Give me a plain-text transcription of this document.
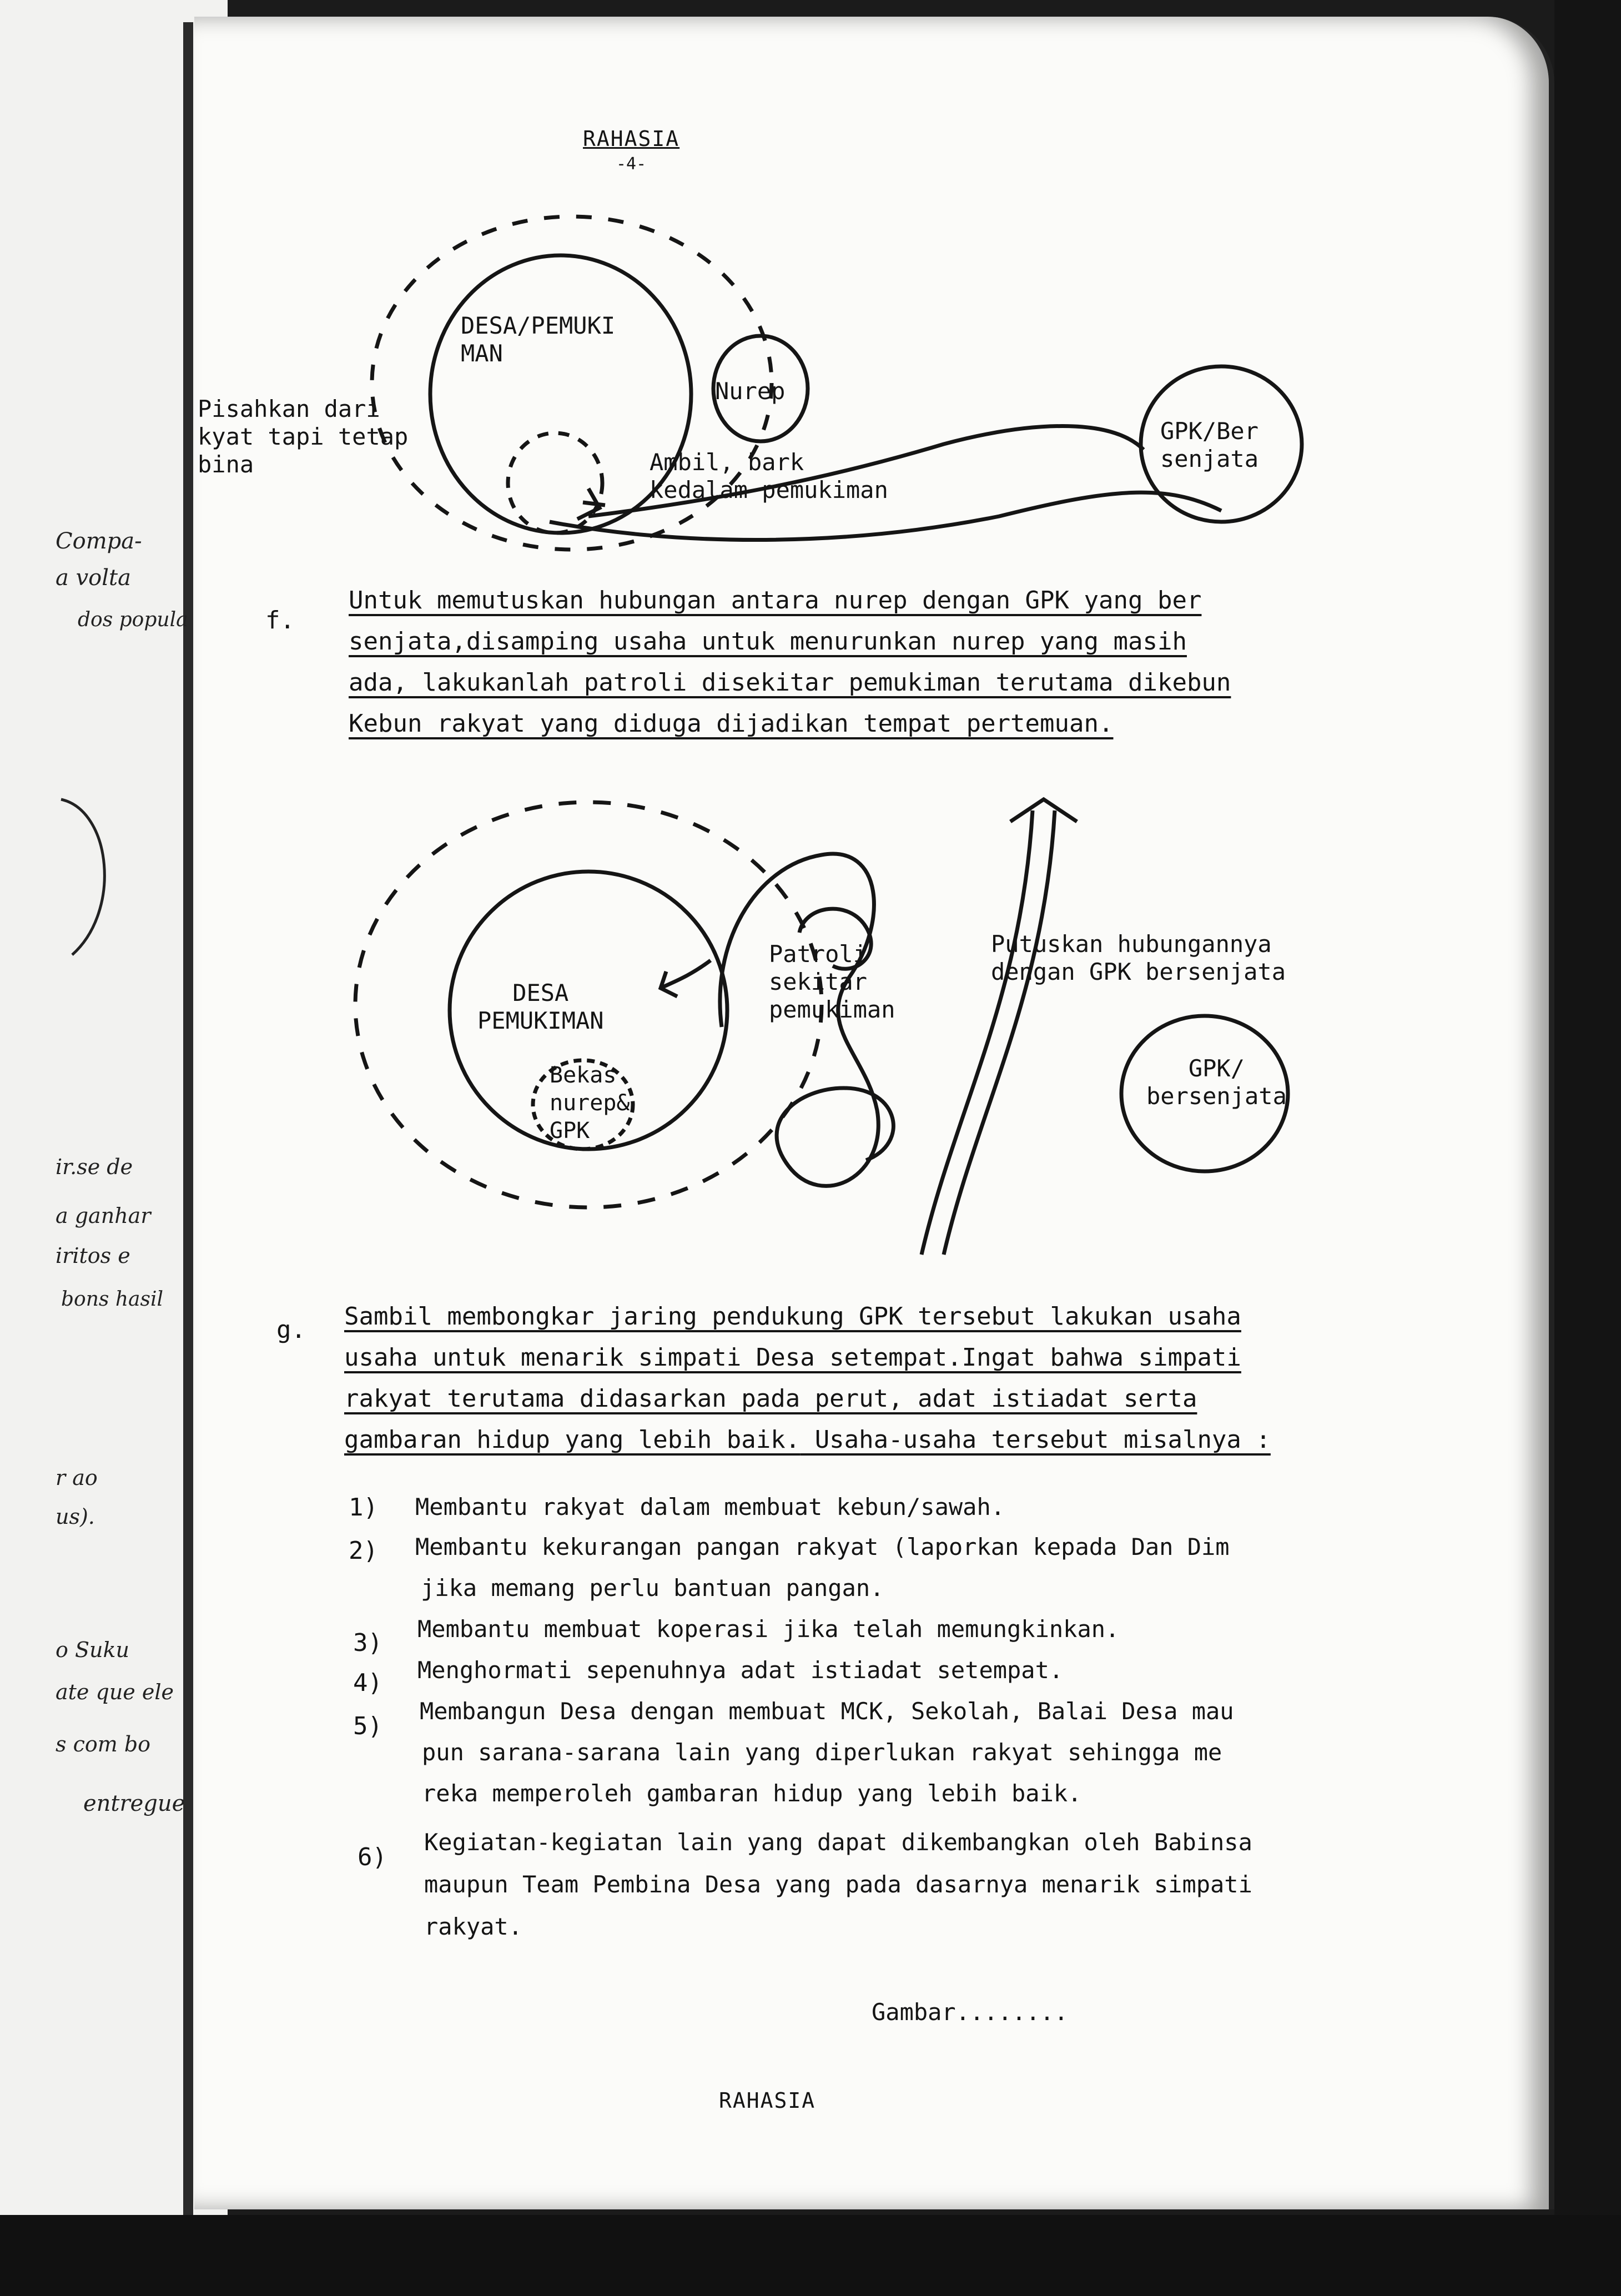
RAHASIA
-4-
DESA/PEMUKI
MAN
Nurep
GPK/Ber
senjata
Pisahkan dari
kyat tapi tetap
bina	Ambil, bark
kedalam pemukiman
f.
Untuk memutuskan hubungan antara nurep dengan GPK yang ber
senjata,disamping usaha untuk menurunkan nurep yang masih
ada, lakukanlah patroli disekitar pemukiman terutama dikebun
Kebun rakyat yang diduga dijadikan tempat pertemuan.
DESA
PEMUKIMAN
Bekas
nurep&
GPK
Patroli
sekitar
pemukiman
Putuskan hubungannya
dengan GPK bersenjata
GPK/
bersenjata
g. Sambil membongkar jaring pendukung GPK tersebut lakukan usaha
usaha untuk menarik simpati Desa setempat.Ingat bahwa simpati
rakyat terutama didasarkan pada perut, adat istiadat serta
gambaran hidup yang lebih baik. Usaha-usaha tersebut misalnya :
1) Membantu rakyat dalam membuat kebun/sawah.
2) Membantu kekurangan pangan rakyat (laporkan kepada Dan Dim
jika memang perlu bantuan pangan.
3) Membantu membuat koperasi jika telah memungkinkan.
4) Menghormati sepenuhnya adat istiadat setempat.
5)
Membangun Desa dengan membuat MCK, Sekolah, Balai Desa mau
pun sarana-sarana lain yang diperlukan rakyat sehingga me
reka memperoleh gambaran hidup yang lebih baik.
6)
Kegiatan-kegiatan lain yang dapat dikembangkan oleh Babinsa
maupun Team Pembina Desa yang pada dasarnya menarik simpati
rakyat.
Gambar........
RAHASIA
Compa-
a volta
dos popula
ir.se de
a ganhar
iritos e
bons hasil
r ao
us).
o Suku
ate que ele
s com bo
entregue
